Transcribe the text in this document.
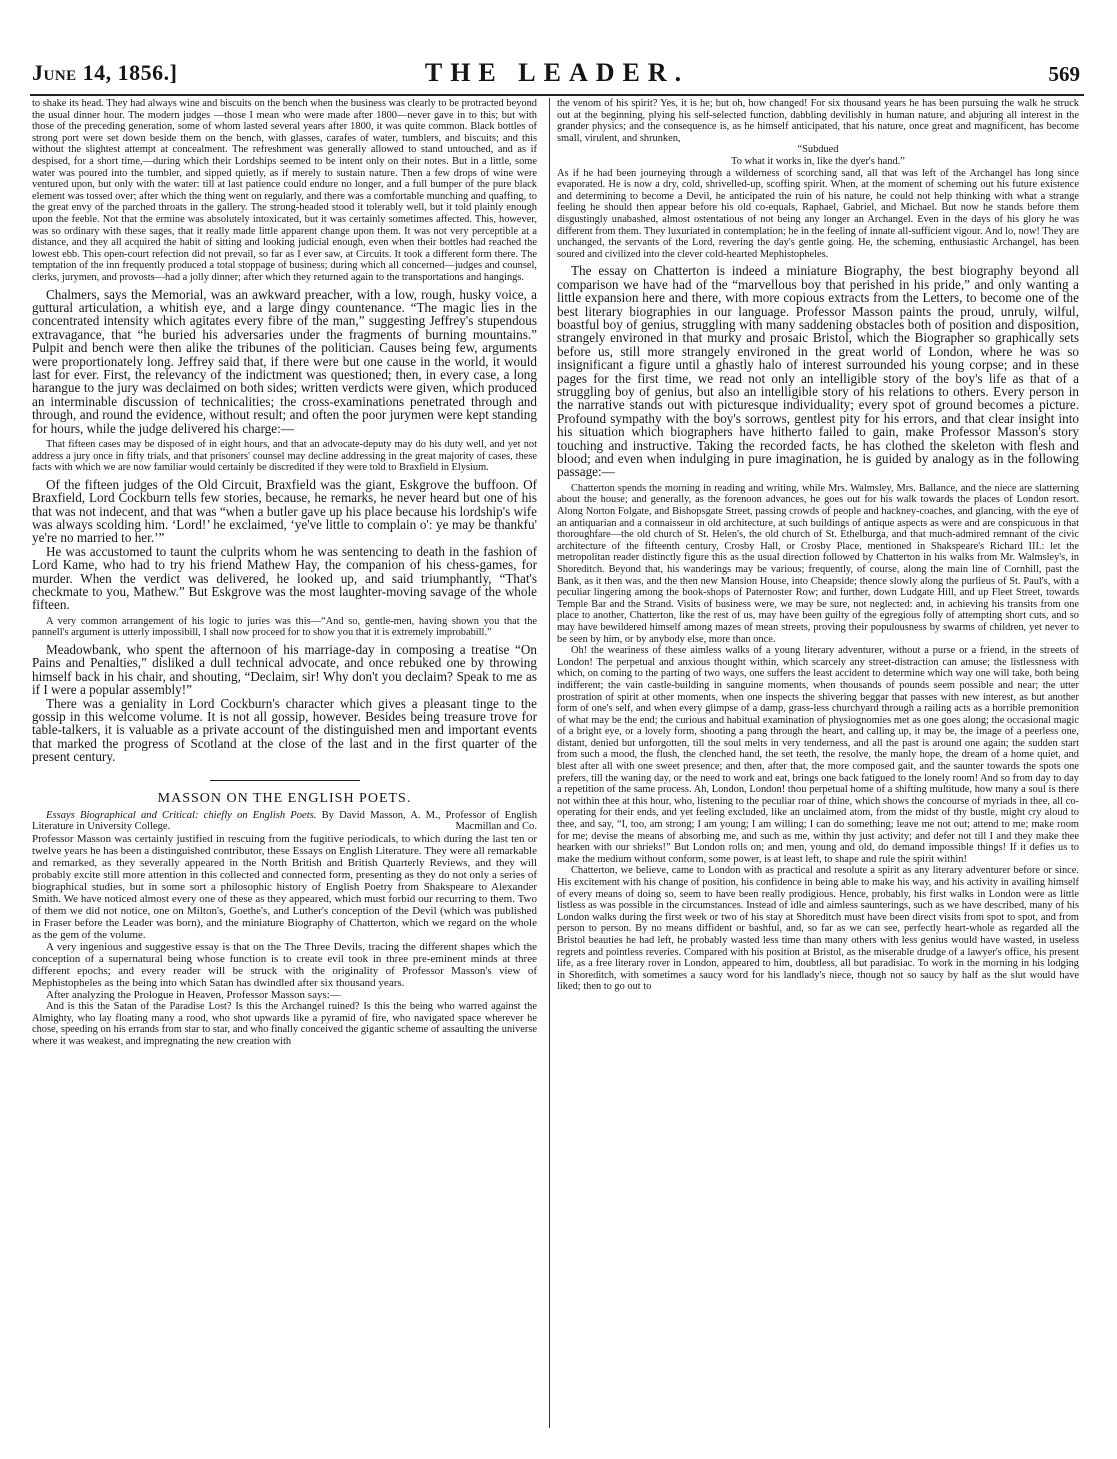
June 14, 1856.]	THE LEADER.	569

to shake its head. They had always wine and biscuits on the bench when the business was clearly to be protracted beyond the usual dinner hour. The modern judges —those I mean who were made after 1800—never gave in to this; but with those of the preceding generation, some of whom lasted several years after 1800, it was quite common. Black bottles of strong port were set down beside them on the bench, with glasses, carafes of water, tumblers, and biscuits; and this without the slightest attempt at concealment. The refreshment was generally allowed to stand untouched, and as if despised, for a short time,—during which their Lordships seemed to be intent only on their notes. But in a little, some water was poured into the tumbler, and sipped quietly, as if merely to sustain nature. Then a few drops of wine were ventured upon, but only with the water: till at last patience could endure no longer, and a full bumper of the pure black element was tossed over; after which the thing went on regularly, and there was a comfortable munching and quaffing, to the great envy of the parched throats in the gallery. The strong-headed stood it tolerably well, but it told plainly enough upon the feeble. Not that the ermine was absolutely intoxicated, but it was certainly sometimes affected. This, however, was so ordinary with these sages, that it really made little apparent change upon them. It was not very perceptible at a distance, and they all acquired the habit of sitting and looking judicial enough, even when their bottles had reached the lowest ebb. This open-court refection did not prevail, so far as I ever saw, at Circuits. It took a different form there. The temptation of the inn frequently produced a total stoppage of business; during which all concerned—judges and counsel, clerks, jurymen, and provosts—had a jolly dinner; after which they returned again to the transportations and hangings.

Chalmers, says the Memorial, was an awkward preacher, with a low, rough, husky voice, a guttural articulation, a whitish eye, and a large dingy countenance. “The magic lies in the concentrated intensity which agitates every fibre of the man,” suggesting Jeffrey's stupendous extravagance, that “he buried his adversaries under the fragments of burning mountains.” Pulpit and bench were then alike the tribunes of the politician. Causes being few, arguments were proportionately long. Jeffrey said that, if there were but one cause in the world, it would last for ever. First, the relevancy of the indictment was questioned; then, in every case, a long harangue to the jury was declaimed on both sides; written verdicts were given, which produced an interminable discussion of technicalities; the cross-examinations penetrated through and through, and round the evidence, without result; and often the poor jurymen were kept standing for hours, while the judge delivered his charge:—

That fifteen cases may be disposed of in eight hours, and that an advocate-deputy may do his duty well, and yet not address a jury once in fifty trials, and that prisoners' counsel may decline addressing in the great majority of cases, these facts with which we are now familiar would certainly be discredited if they were told to Braxfield in Elysium.

Of the fifteen judges of the Old Circuit, Braxfield was the giant, Eskgrove the buffoon. Of Braxfield, Lord Cockburn tells few stories, because, he remarks, he never heard but one of his that was not indecent, and that was “when a butler gave up his place because his lordship's wife was always scolding him. ‘Lord!’ he exclaimed, ‘ye've little to complain o': ye may be thankfu' ye're no married to her.’”

He was accustomed to taunt the culprits whom he was sentencing to death in the fashion of Lord Kame, who had to try his friend Mathew Hay, the companion of his chess-games, for murder. When the verdict was delivered, he looked up, and said triumphantly, “That's checkmate to you, Mathew.” But Eskgrove was the most laughter-moving savage of the whole fifteen.

A very common arrangement of his logic to juries was this—“And so, gentle-men, having shown you that the pannell's argument is utterly impossibill, I shall now proceed for to show you that it is extremely improbabill.”

Meadowbank, who spent the afternoon of his marriage-day in composing a treatise “On Pains and Penalties,” disliked a dull technical advocate, and once rebuked one by throwing himself back in his chair, and shouting, “Declaim, sir! Why don't you declaim? Speak to me as if I were a popular assembly!”

There was a geniality in Lord Cockburn's character which gives a pleasant tinge to the gossip in this welcome volume. It is not all gossip, however. Besides being treasure trove for table-talkers, it is valuable as a private account of the distinguished men and important events that marked the progress of Scotland at the close of the last and in the first quarter of the present century.

MASSON ON THE ENGLISH POETS.

Essays Biographical and Critical: chiefly on English Poets. By David Masson, A. M., Professor of English Literature in University College.	Macmillan and Co.

Professor Masson was certainly justified in rescuing from the fugitive periodicals, to which during the last ten or twelve years he has been a distinguished contributor, these Essays on English Literature. They were all remarkable and remarked, as they severally appeared in the North British and British Quarterly Reviews, and they will probably excite still more attention in this collected and connected form, presenting as they do not only a series of biographical studies, but in some sort a philosophic history of English Poetry from Shakspeare to Alexander Smith. We have noticed almost every one of these as they appeared, which must forbid our recurring to them. Two of them we did not notice, one on Milton's, Goethe's, and Luther's conception of the Devil (which was published in Fraser before the Leader was born), and the miniature Biography of Chatterton, which we regard on the whole as the gem of the volume.

A very ingenious and suggestive essay is that on the The Three Devils, tracing the different shapes which the conception of a supernatural being whose function is to create evil took in three pre-eminent minds at three different epochs; and every reader will be struck with the originality of Professor Masson's view of Mephistopheles as the being into which Satan has dwindled after six thousand years.

After analyzing the Prologue in Heaven, Professor Masson says:—

And is this the Satan of the Paradise Lost? Is this the Archangel ruined? Is this the being who warred against the Almighty, who lay floating many a rood, who shot upwards like a pyramid of fire, who navigated space wherever he chose, speeding on his errands from star to star, and who finally conceived the gigantic scheme of assaulting the universe where it was weakest, and impregnating the new creation with

the venom of his spirit? Yes, it is he; but oh, how changed! For six thousand years he has been pursuing the walk he struck out at the beginning, plying his self-selected function, dabbling devilishly in human nature, and abjuring all interest in the grander physics; and the consequence is, as he himself anticipated, that his nature, once great and magnificent, has become small, virulent, and shrunken,

“Subdued

To what it works in, like the dyer's hand.”

As if he had been journeying through a wilderness of scorching sand, all that was left of the Archangel has long since evaporated. He is now a dry, cold, shrivelled-up, scoffing spirit. When, at the moment of scheming out his future existence and determining to become a Devil, he anticipated the ruin of his nature, he could not help thinking with what a strange feeling he should then appear before his old co-equals, Raphael, Gabriel, and Michael. But now he stands before them disgustingly unabashed, almost ostentatious of not being any longer an Archangel. Even in the days of his glory he was different from them. They luxuriated in contemplation; he in the feeling of innate all-sufficient vigour. And lo, now! They are unchanged, the servants of the Lord, revering the day's gentle going. He, the scheming, enthusiastic Archangel, has been soured and civilized into the clever cold-hearted Mephistopheles.

The essay on Chatterton is indeed a miniature Biography, the best biography beyond all comparison we have had of the “marvellous boy that perished in his pride,” and only wanting a little expansion here and there, with more copious extracts from the Letters, to become one of the best literary biographies in our language. Professor Masson paints the proud, unruly, wilful, boastful boy of genius, struggling with many saddening obstacles both of position and disposition, strangely environed in that murky and prosaic Bristol, which the Biographer so graphically sets before us, still more strangely environed in the great world of London, where he was so insignificant a figure until a ghastly halo of interest surrounded his young corpse; and in these pages for the first time, we read not only an intelligible story of the boy's life as that of a struggling boy of genius, but also an intelligible story of his relations to others. Every person in the narrative stands out with picturesque individuality; every spot of ground becomes a picture. Profound sympathy with the boy's sorrows, gentlest pity for his errors, and that clear insight into his situation which biographers have hitherto failed to gain, make Professor Masson's story touching and instructive. Taking the recorded facts, he has clothed the skeleton with flesh and blood; and even when indulging in pure imagination, he is guided by analogy as in the following passage:—

Chatterton spends the morning in reading and writing, while Mrs. Walmsley, Mrs. Ballance, and the niece are slatterning about the house; and generally, as the forenoon advances, he goes out for his walk towards the places of London resort. Along Norton Folgate, and Bishopsgate Street, passing crowds of people and hackney-coaches, and glancing, with the eye of an antiquarian and a connaisseur in old architecture, at such buildings of antique aspects as were and are conspicuous in that thoroughfare—the old church of St. Helen's, the old church of St. Ethelburga, and that much-admired remnant of the civic architecture of the fifteenth century, Crosby Hall, or Crosby Place, mentioned in Shakspeare's Richard III.: let the metropolitan reader distinctly figure this as the usual direction followed by Chatterton in his walks from Mr. Walmsley's, in Shoreditch. Beyond that, his wanderings may be various; frequently, of course, along the main line of Cornhill, past the Bank, as it then was, and the then new Mansion House, into Cheapside; thence slowly along the purlieus of St. Paul's, with a peculiar lingering among the book-shops of Paternoster Row; and further, down Ludgate Hill, and up Fleet Street, towards Temple Bar and the Strand. Visits of business were, we may be sure, not neglected: and, in achieving his transits from one place to another, Chatterton, like the rest of us, may have been guilty of the egregious folly of attempting short cuts, and so may have bewildered himself among mazes of mean streets, proving their populousness by swarms of children, yet never to be seen by him, or by anybody else, more than once.

Oh! the weariness of these aimless walks of a young literary adventurer, without a purse or a friend, in the streets of London! The perpetual and anxious thought within, which scarcely any street-distraction can amuse; the listlessness with which, on coming to the parting of two ways, one suffers the least accident to determine which way one will take, both being indifferent; the vain castle-building in sanguine moments, when thousands of pounds seem possible and near; the utter prostration of spirit at other moments, when one inspects the shivering beggar that passes with new interest, as but another form of one's self, and when every glimpse of a damp, grass-less churchyard through a railing acts as a horrible premonition of what may be the end; the curious and habitual examination of physiognomies met as one goes along; the occasional magic of a bright eye, or a lovely form, shooting a pang through the heart, and calling up, it may be, the image of a peerless one, distant, denied but unforgotten, till the soul melts in very tenderness, and all the past is around one again; the sudden start from such a mood, the flush, the clenched hand, the set teeth, the resolve, the manly hope, the dream of a home quiet, and blest after all with one sweet presence; and then, after that, the more composed gait, and the saunter towards the spots one prefers, till the waning day, or the need to work and eat, brings one back fatigued to the lonely room! And so from day to day a repetition of the same process. Ah, London, London! thou perpetual home of a shifting multitude, how many a soul is there not within thee at this hour, who, listening to the peculiar roar of thine, which shows the concourse of myriads in thee, all co-operating for their ends, and yet feeling excluded, like an unclaimed atom, from the midst of thy bustle, might cry aloud to thee, and say, “I, too, am strong; I am young; I am willing; I can do something; leave me not out; attend to me; make room for me; devise the means of absorbing me, and such as me, within thy just activity; and defer not till I and they make thee hearken with our shrieks!” But London rolls on; and men, young and old, do demand impossible things! If it defies us to make the medium without conform, some power, is at least left, to shape and rule the spirit within!

Chatterton, we believe, came to London with as practical and resolute a spirit as any literary adventurer before or since. His excitement with his change of position, his confidence in being able to make his way, and his activity in availing himself of every means of doing so, seem to have been really prodigious. Hence, probably, his first walks in London were as little listless as was possible in the circumstances. Instead of idle and aimless saunterings, such as we have described, many of his London walks during the first week or two of his stay at Shoreditch must have been direct visits from spot to spot, and from person to person. By no means diffident or bashful, and, so far as we can see, perfectly heart-whole as regarded all the Bristol beauties he had left, he probably wasted less time than many others with less genius would have wasted, in useless regrets and pointless reveries. Compared with his position at Bristol, as the miserable drudge of a lawyer's office, his present life, as a free literary rover in London, appeared to him, doubtless, all but paradisiac. To work in the morning in his lodging in Shoreditch, with sometimes a saucy word for his landlady's niece, though not so saucy by half as the slut would have liked; then to go out to
